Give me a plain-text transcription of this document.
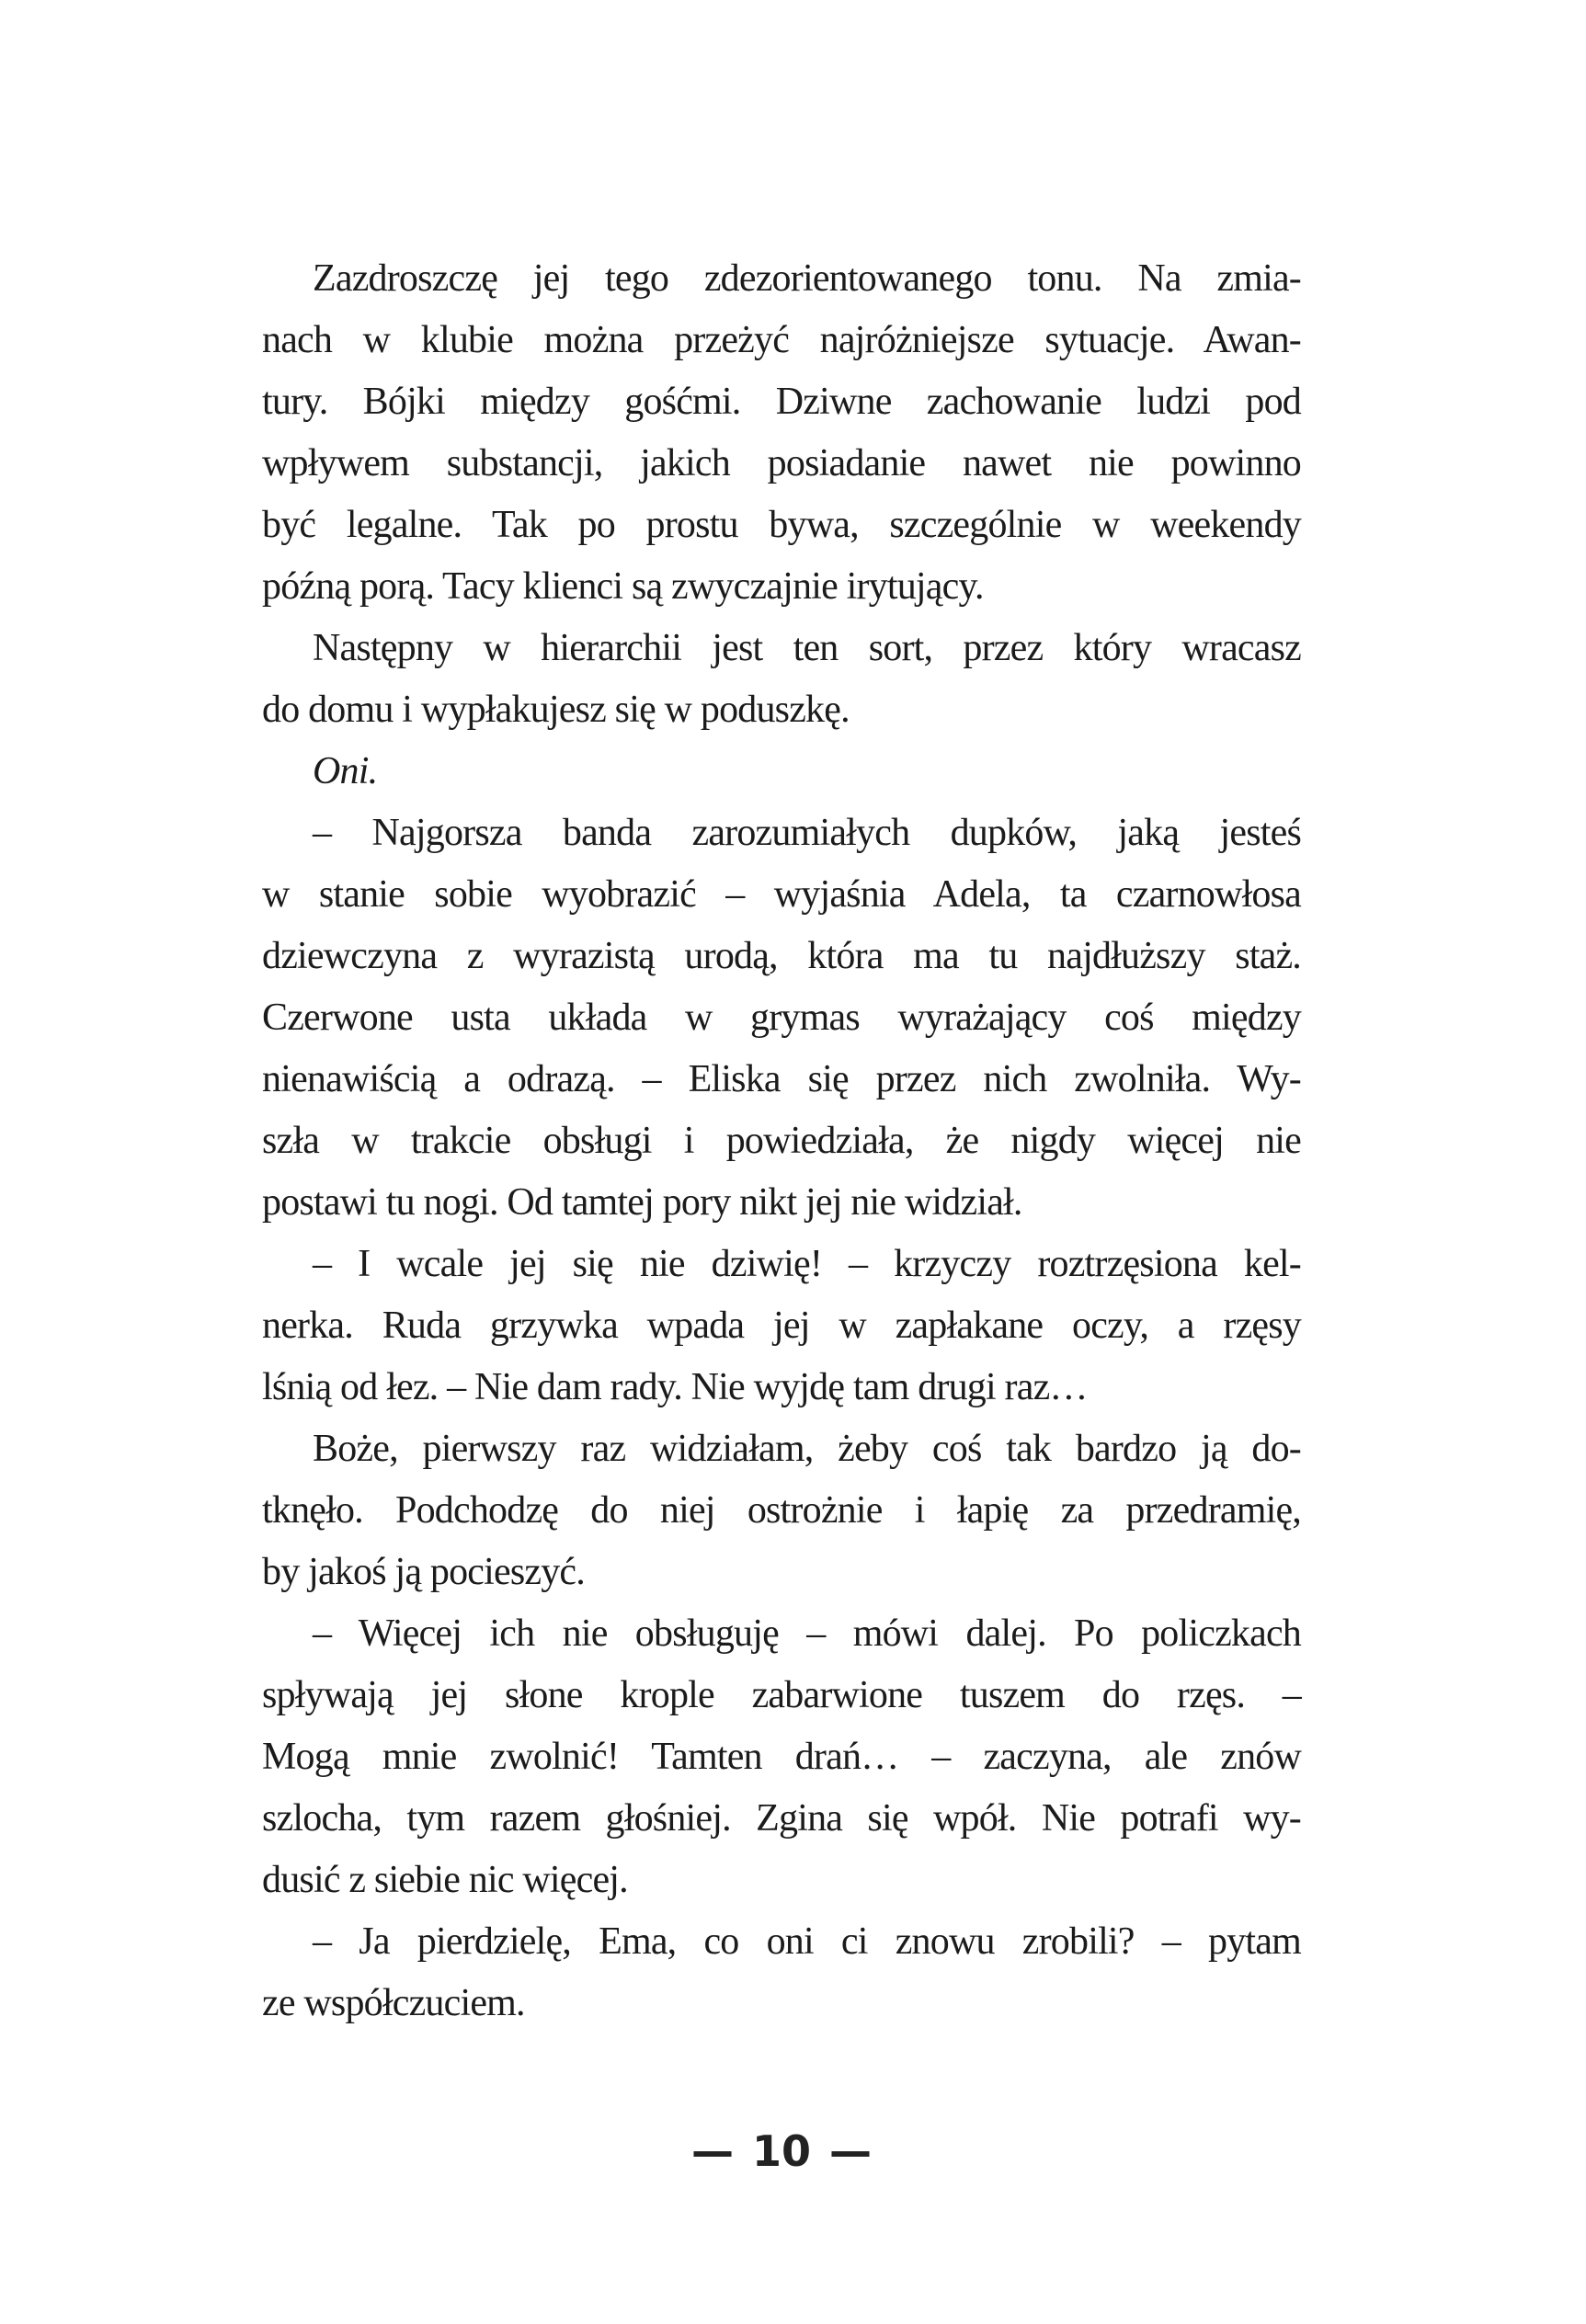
Zazdroszczę jej tego zdezorientowanego tonu. Na zmia-
nach w klubie można przeżyć najróżniejsze sytuacje. Awan-
tury. Bójki między gośćmi. Dziwne zachowanie ludzi pod
wpływem substancji, jakich posiadanie nawet nie powinno
być legalne. Tak po prostu bywa, szczególnie w weekendy
późną porą. Tacy klienci są zwyczajnie irytujący.
Następny w hierarchii jest ten sort, przez który wracasz
do domu i wypłakujesz się w poduszkę.
Oni.
– Najgorsza banda zarozumiałych dupków, jaką jesteś
w stanie sobie wyobrazić – wyjaśnia Adela, ta czarnowłosa
dziewczyna z wyrazistą urodą, która ma tu najdłuższy staż.
Czerwone usta układa w grymas wyrażający coś między
nienawiścią a odrazą. – Eliska się przez nich zwolniła. Wy-
szła w trakcie obsługi i powiedziała, że nigdy więcej nie
postawi tu nogi. Od tamtej pory nikt jej nie widział.
– I wcale jej się nie dziwię! – krzyczy roztrzęsiona kel-
nerka. Ruda grzywka wpada jej w zapłakane oczy, a rzęsy
lśnią od łez. – Nie dam rady. Nie wyjdę tam drugi raz…
Boże, pierwszy raz widziałam, żeby coś tak bardzo ją do-
tknęło. Podchodzę do niej ostrożnie i łapię za przedramię,
by jakoś ją pocieszyć.
– Więcej ich nie obsługuję – mówi dalej. Po policzkach
spływają jej słone krople zabarwione tuszem do rzęs. –
Mogą mnie zwolnić! Tamten drań… – zaczyna, ale znów
szlocha, tym razem głośniej. Zgina się wpół. Nie potrafi wy-
dusić z siebie nic więcej.
– Ja pierdzielę, Ema, co oni ci znowu zrobili? – pytam
ze współczuciem.
— 10 —
